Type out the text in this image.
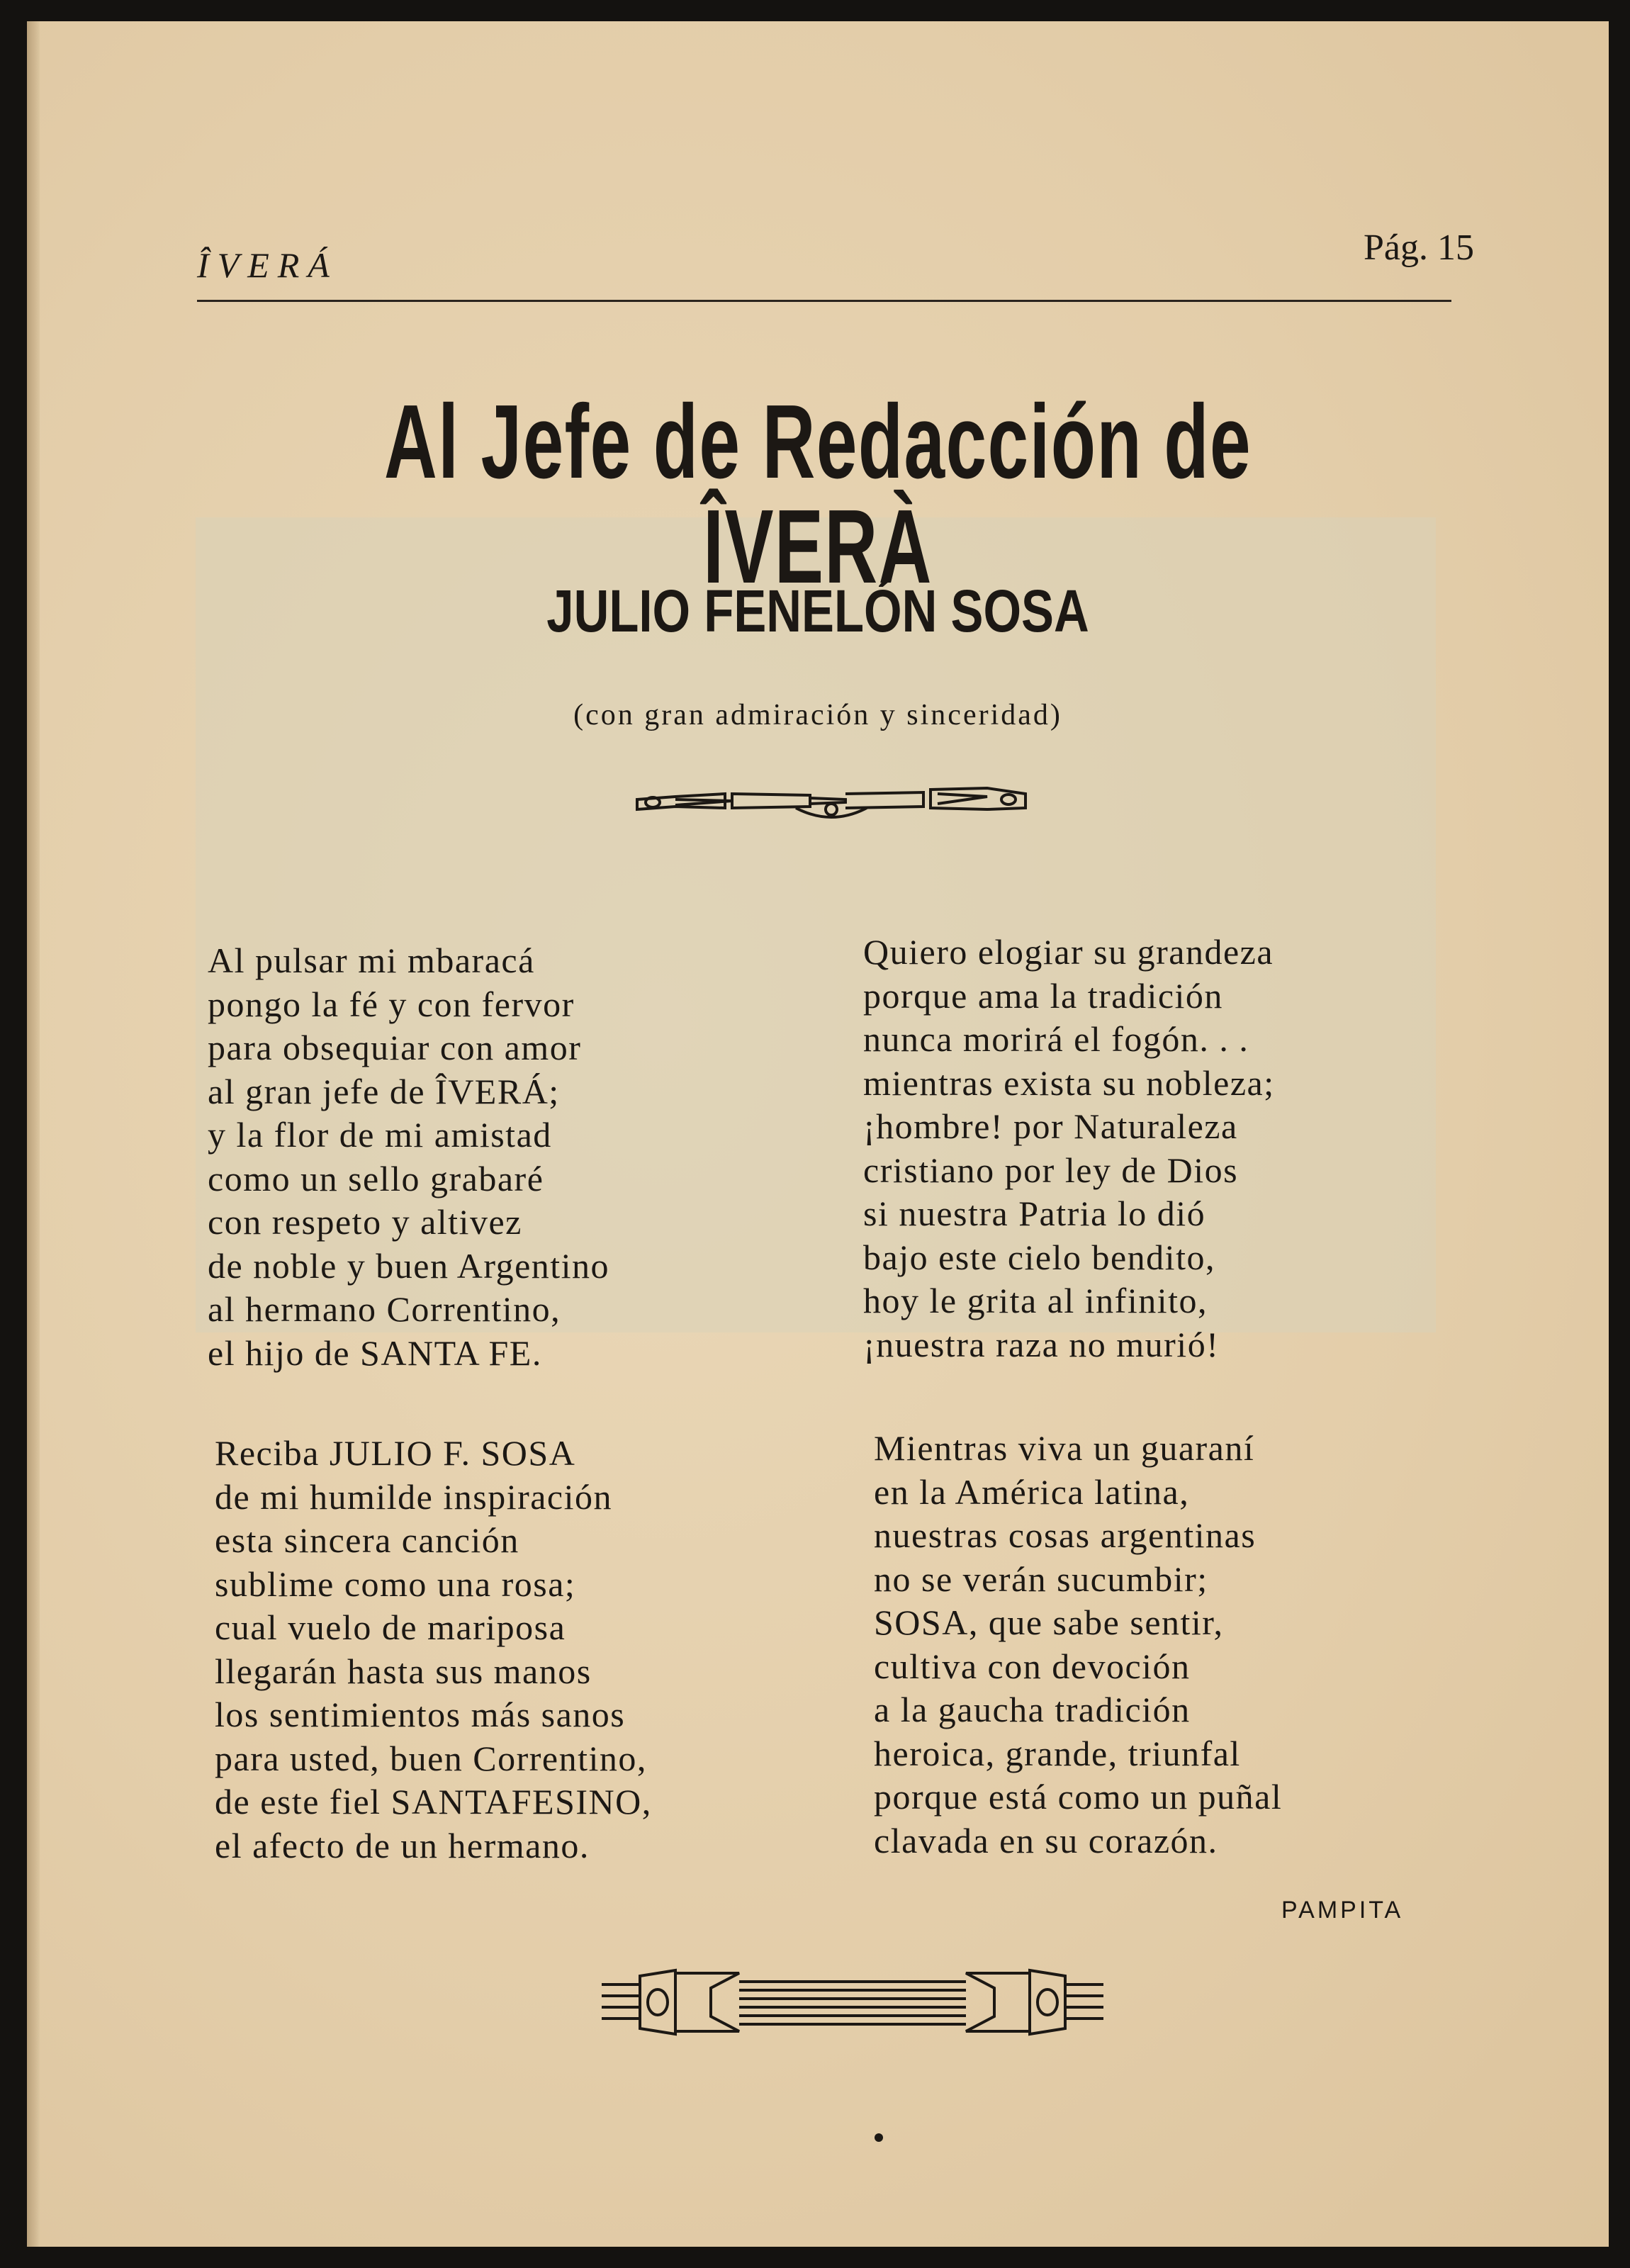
ÎVERÁ	Pág. 15
Al Jefe de Redacción de ÎVERÀ
JULIO FENELÓN SOSA
(con gran admiración y sinceridad)
Al pulsar mi mbaracá
pongo la fé y con fervor
para obsequiar con amor
al gran jefe de ÎVERÁ;
y la flor de mi amistad
como un sello grabaré
con respeto y altivez
de noble y buen Argentino
al hermano Correntino,
el hijo de SANTA FE.
Quiero elogiar su grandeza
porque ama la tradición
nunca morirá el fogón. . .
mientras exista su nobleza;
¡hombre! por Naturaleza
cristiano por ley de Dios
si nuestra Patria lo dió
bajo este cielo bendito,
hoy le grita al infinito,
¡nuestra raza no murió!
Reciba JULIO F. SOSA
de mi humilde inspiración
esta sincera canción
sublime como una rosa;
cual vuelo de mariposa
llegarán hasta sus manos
los sentimientos más sanos
para usted, buen Correntino,
de este fiel SANTAFESINO,
el afecto de un hermano.
Mientras viva un guaraní
en la América latina,
nuestras cosas argentinas
no se verán sucumbir;
SOSA, que sabe sentir,
cultiva con devoción
a la gaucha tradición
heroica, grande, triunfal
porque está como un puñal
clavada en su corazón.
PAMPITA
